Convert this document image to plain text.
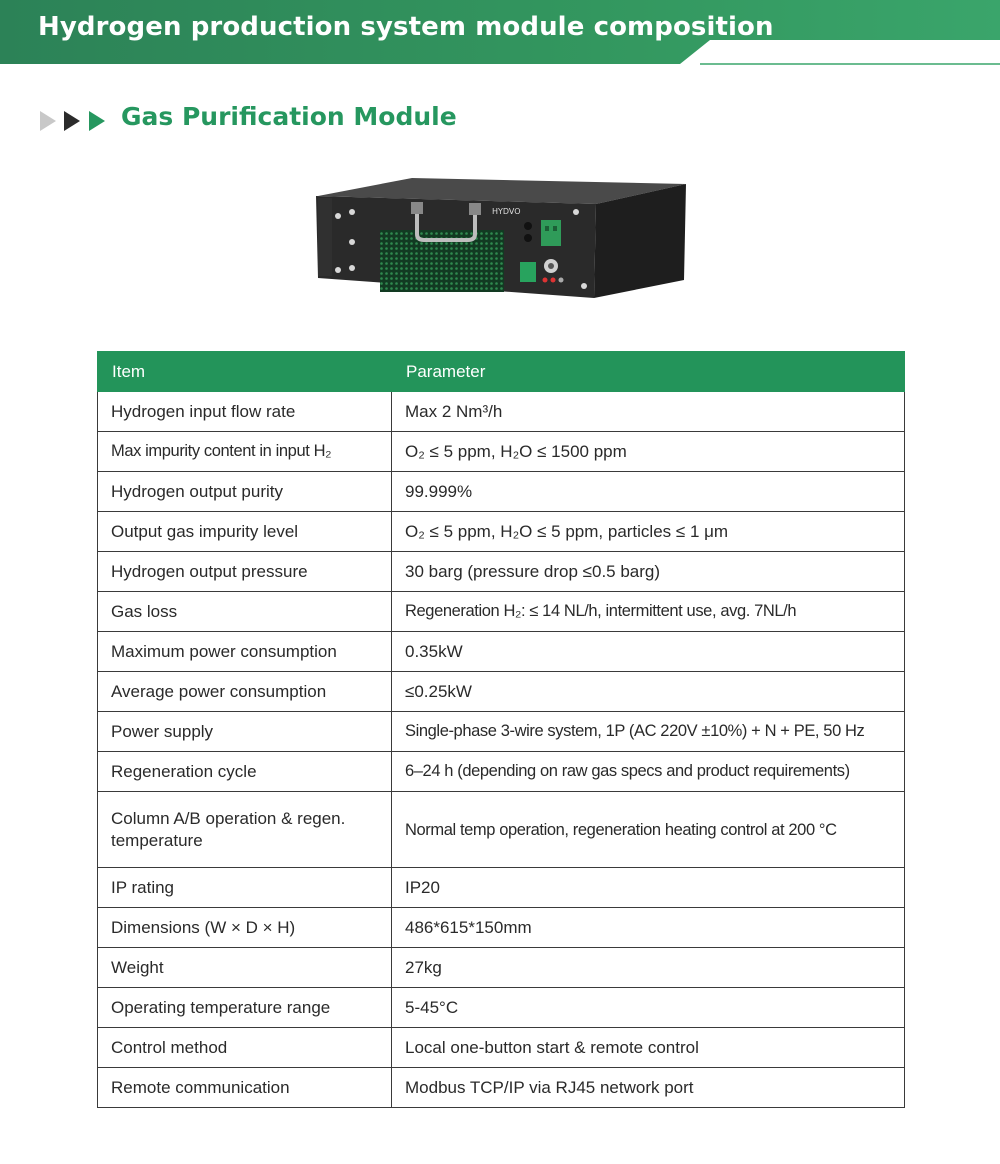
Hydrogen production system module composition
Gas Purification Module
HYDVO
Item	Parameter
Hydrogen input flow rate	Max 2 Nm³/h
Max impurity content in input H₂	O₂ ≤ 5 ppm, H₂O ≤ 1500 ppm
Hydrogen output purity	99.999%
Output gas impurity level	O₂ ≤ 5 ppm, H₂O ≤ 5 ppm, particles ≤ 1 μm
Hydrogen output pressure	30 barg (pressure drop ≤0.5 barg)
Gas loss	Regeneration H₂: ≤ 14 NL/h, intermittent use, avg. 7NL/h
Maximum power consumption	0.35kW
Average power consumption	≤0.25kW
Power supply	Single-phase 3-wire system, 1P (AC 220V ±10%) + N + PE, 50 Hz
Regeneration cycle	6–24 h (depending on raw gas specs and product requirements)
Column A/B operation & regen. temperature	Normal temp operation, regeneration heating control at 200 °C
IP rating	IP20
Dimensions (W × D × H)	486*615*150mm
Weight	27kg
Operating temperature range	5-45°C
Control method	Local one-button start & remote control
Remote communication	Modbus TCP/IP via RJ45 network port
